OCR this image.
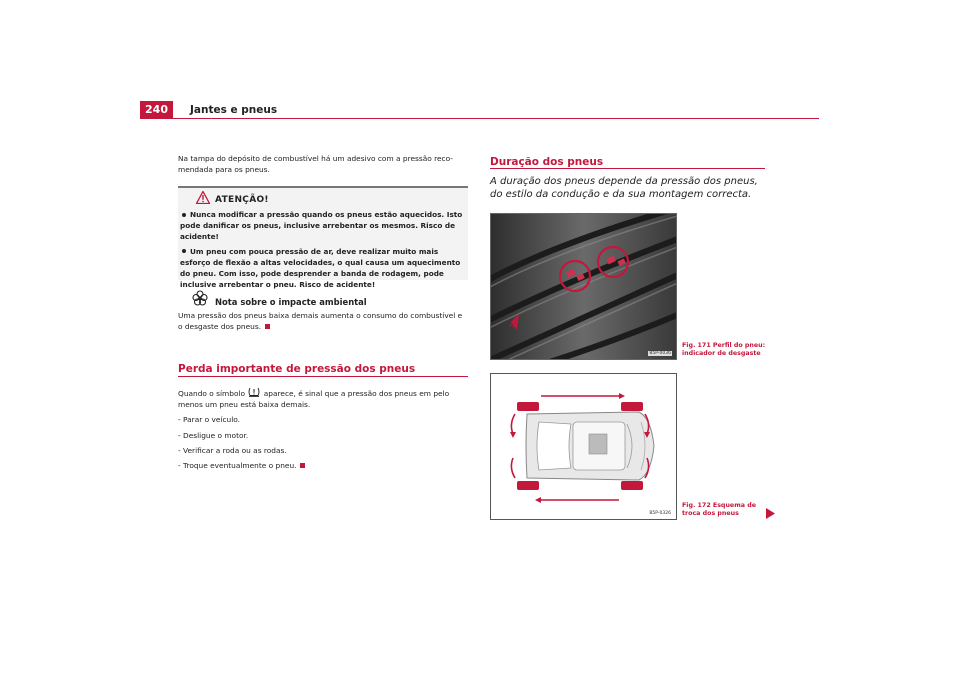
240	Jantes e pneus

Na tampa do depósito de combustível há um adesivo com a pressão reco-mendada para os pneus.

ATENÇÃO!
Nunca modificar a pressão quando os pneus estão aquecidos. Isto pode danificar os pneus, inclusive arrebentar os mesmos. Risco de acidente!
Um pneu com pouca pressão de ar, deve realizar muito mais esforço de flexão a altas velocidades, o qual causa um aquecimento do pneu. Com isso, pode desprender a banda de rodagem, pode inclusive arrebentar o pneu. Risco de acidente!
Nota sobre o impacte ambiental
Uma pressão dos pneus baixa demais aumenta o consumo do combustível e o desgaste dos pneus.
Perda importante de pressão dos pneus

Quando o símbolo	aparece, é sinal que a pressão dos pneus em pelo menos um pneu está baixa demais.

- Parar o veículo.

- Desligue o motor.

- Verificar a roda ou as rodas.

- Troque eventualmente o pneu.

Duração dos pneus
A duração dos pneus depende da pressão dos pneus, do estilo da condução e da sua montagem correcta.
TWI
B5P-0036
Fig. 171 Perfil do pneu: indicador de desgaste
B5P-0326
Fig. 172 Esquema de troca dos pneus
